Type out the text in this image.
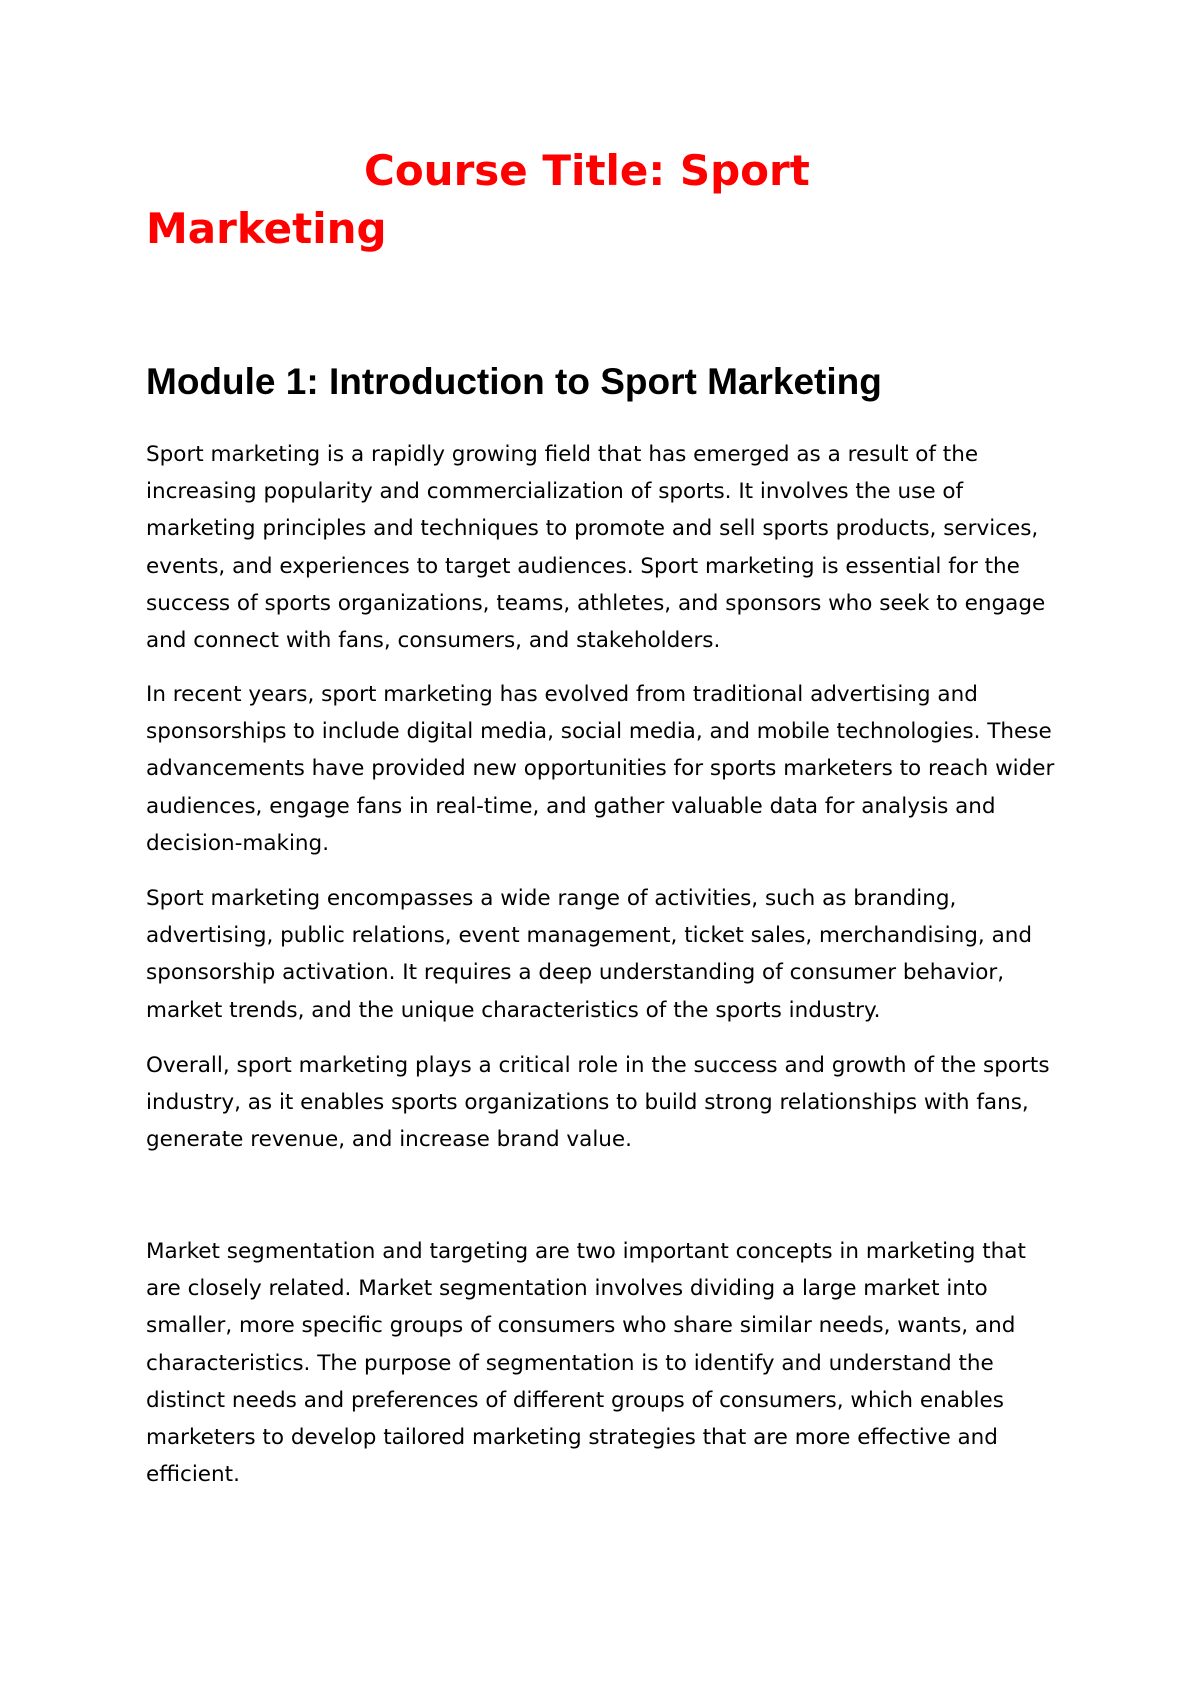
Course Title: Sport Marketing
Module 1: Introduction to Sport Marketing

Sport marketing is a rapidly growing field that has emerged as a result of the increasing popularity and commercialization of sports. It involves the use of marketing principles and techniques to promote and sell sports products, services, events, and experiences to target audiences. Sport marketing is essential for the success of sports organizations, teams, athletes, and sponsors who seek to engage and connect with fans, consumers, and stakeholders.

In recent years, sport marketing has evolved from traditional advertising and sponsorships to include digital media, social media, and mobile technologies. These advancements have provided new opportunities for sports marketers to reach wider audiences, engage fans in real-time, and gather valuable data for analysis and decision-making.

Sport marketing encompasses a wide range of activities, such as branding, advertising, public relations, event management, ticket sales, merchandising, and sponsorship activation. It requires a deep understanding of consumer behavior, market trends, and the unique characteristics of the sports industry.

Overall, sport marketing plays a critical role in the success and growth of the sports industry, as it enables sports organizations to build strong relationships with fans, generate revenue, and increase brand value.

Market segmentation and targeting are two important concepts in marketing that are closely related. Market segmentation involves dividing a large market into smaller, more specific groups of consumers who share similar needs, wants, and characteristics. The purpose of segmentation is to identify and understand the distinct needs and preferences of different groups of consumers, which enables marketers to develop tailored marketing strategies that are more effective and efficient.
